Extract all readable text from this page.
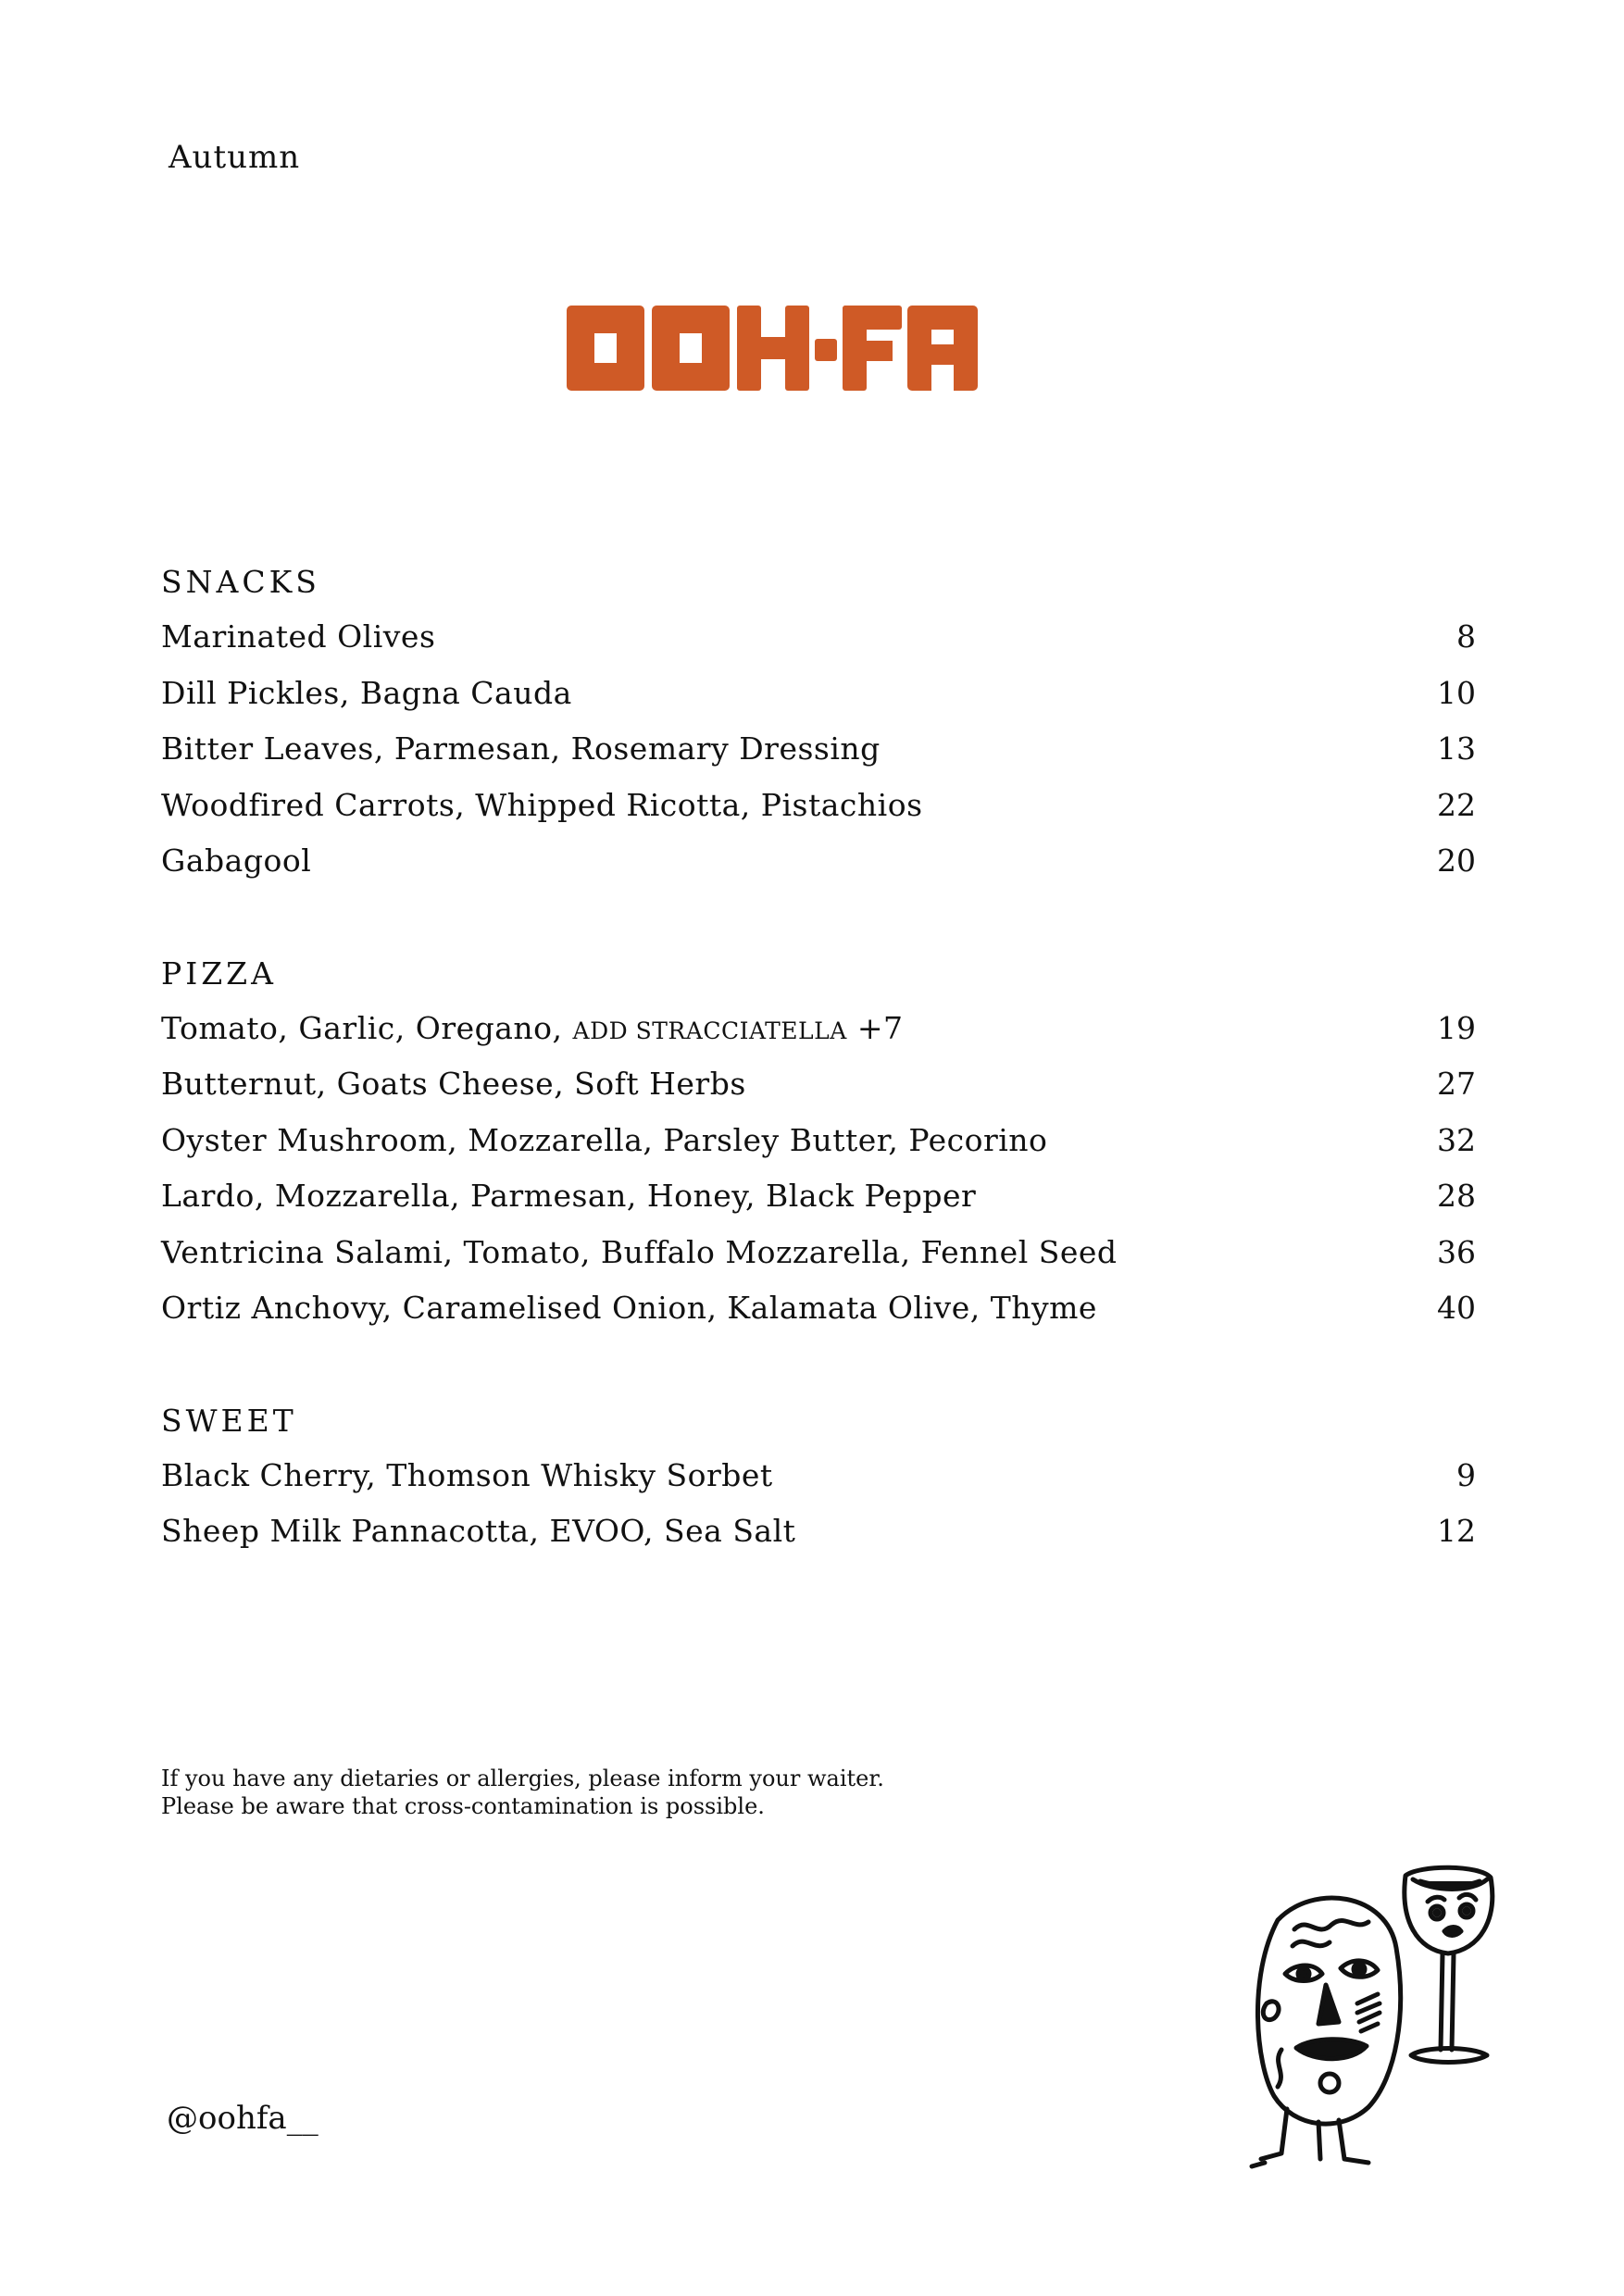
Autumn
SNACKS
Marinated Olives	8
Dill Pickles, Bagna Cauda	10
Bitter Leaves, Parmesan, Rosemary Dressing	13
Woodfired Carrots, Whipped Ricotta, Pistachios	22
Gabagool	20
PIZZA
Tomato, Garlic, Oregano, ADD STRACCIATELLA +7	19
Butternut, Goats Cheese, Soft Herbs	27
Oyster Mushroom, Mozzarella, Parsley Butter, Pecorino	32
Lardo, Mozzarella, Parmesan, Honey, Black Pepper	28
Ventricina Salami, Tomato, Buffalo Mozzarella, Fennel Seed	36
Ortiz Anchovy, Caramelised Onion, Kalamata Olive, Thyme	40
SWEET
Black Cherry, Thomson Whisky Sorbet	9
Sheep Milk Pannacotta, EVOO, Sea Salt	12
If you have any dietaries or allergies, please inform your waiter.
Please be aware that cross-contamination is possible.
@oohfa__
